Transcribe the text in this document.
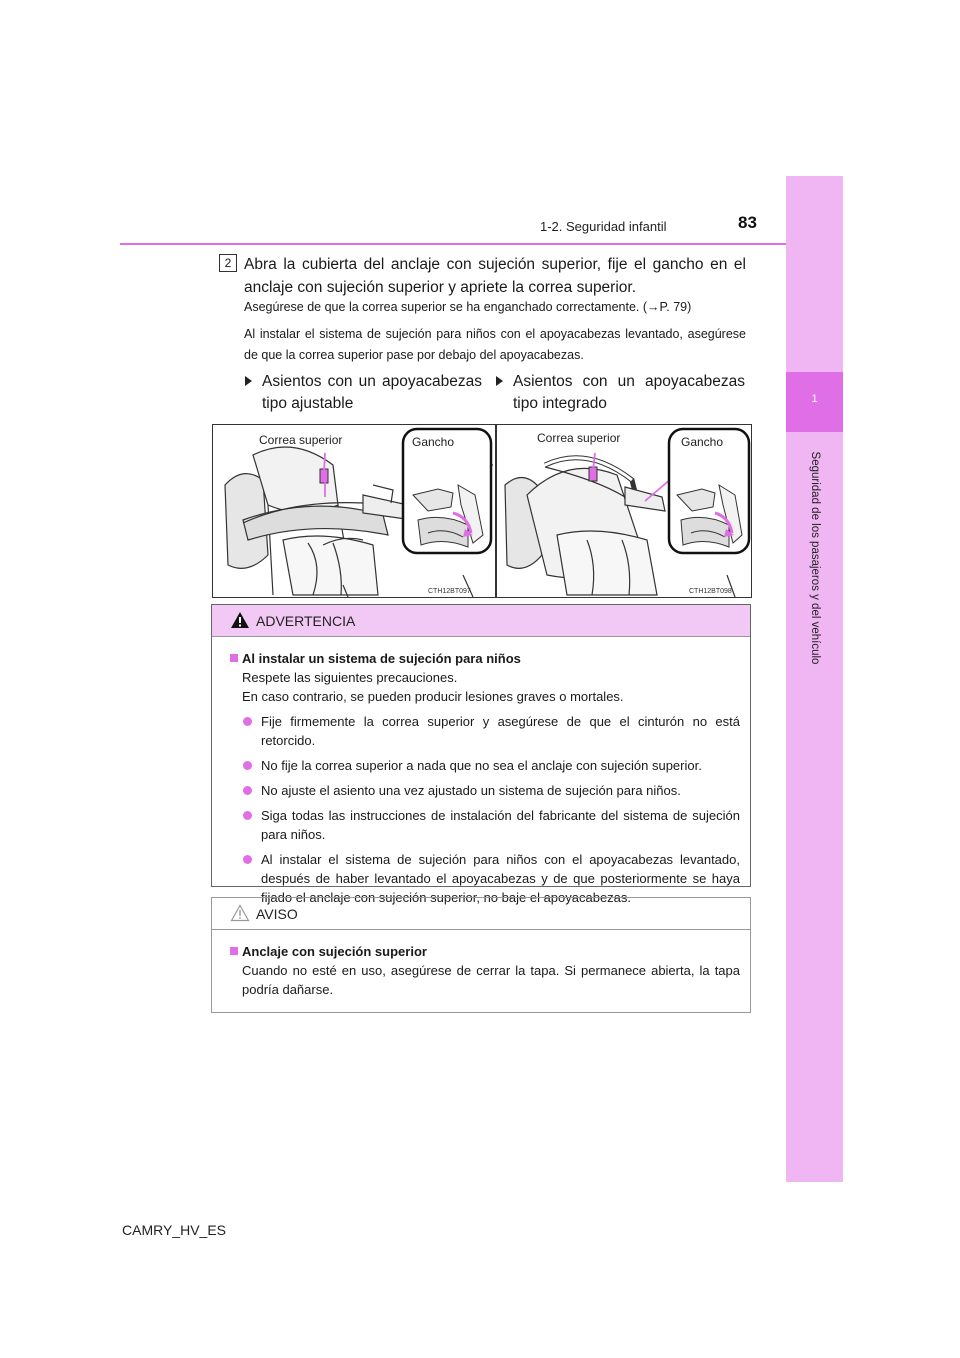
1
Seguridad de los pasajeros y del vehículo
1-2. Seguridad infantil	83
2 Abra la cubierta del anclaje con sujeción superior, fije el gancho en el anclaje con sujeción superior y apriete la correa superior.
Asegúrese de que la correa superior se ha enganchado correctamente. (→P. 79)
Al instalar el sistema de sujeción para niños con el apoyacabezas levantado, asegúrese de que la correa superior pase por debajo del apoyacabezas.
Asientos con un apoyacabezas tipo ajustable
Asientos con un apoyacabezas tipo integrado
Correa superior	Gancho
CTH12BT097
Correa superior	Gancho
CTH12BT098
ADVERTENCIA
Al instalar un sistema de sujeción para niños
Respete las siguientes precauciones.
En caso contrario, se pueden producir lesiones graves o mortales.
Fije firmemente la correa superior y asegúrese de que el cinturón no está retorcido.
No fije la correa superior a nada que no sea el anclaje con sujeción superior.
No ajuste el asiento una vez ajustado un sistema de sujeción para niños.
Siga todas las instrucciones de instalación del fabricante del sistema de sujeción para niños.
Al instalar el sistema de sujeción para niños con el apoyacabezas levantado, después de haber levantado el apoyacabezas y de que posteriormente se haya fijado el anclaje con sujeción superior, no baje el apoyacabezas.
AVISO
Anclaje con sujeción superior
Cuando no esté en uso, asegúrese de cerrar la tapa. Si permanece abierta, la tapa podría dañarse.
CAMRY_HV_ES
